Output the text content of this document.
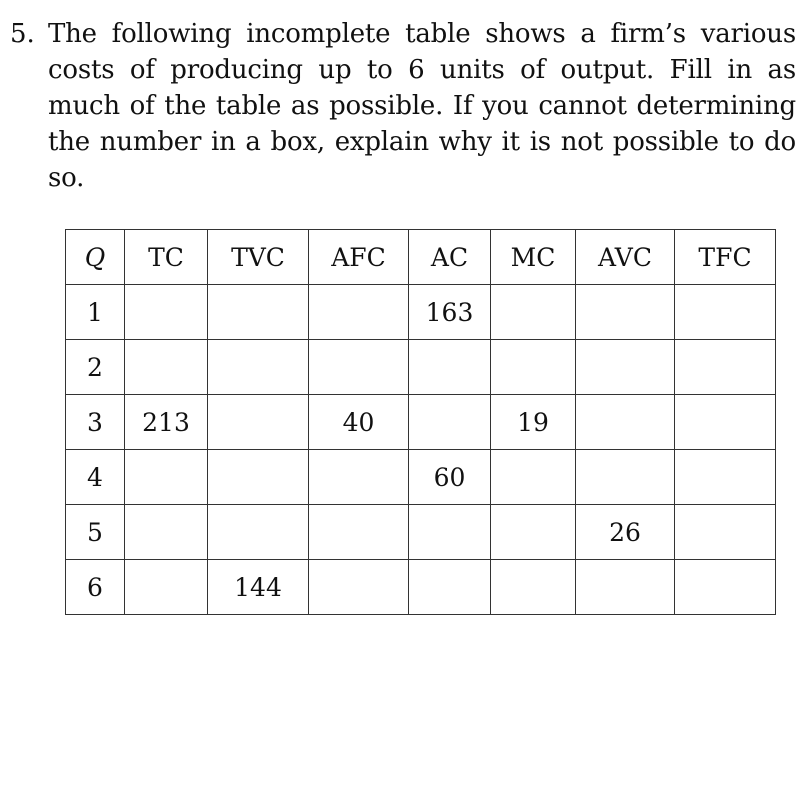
5. The following incomplete table shows a firm’s various
costs of producing up to 6 units of output. Fill in as
much of the table as possible. If you cannot determining
the number in a box, explain why it is not possible to do
so.
Q	TC	TVC	AFC	AC	MC	AVC	TFC
1				163			
2							
3	213		40		19		
4				60			
5						26	
6		144					
